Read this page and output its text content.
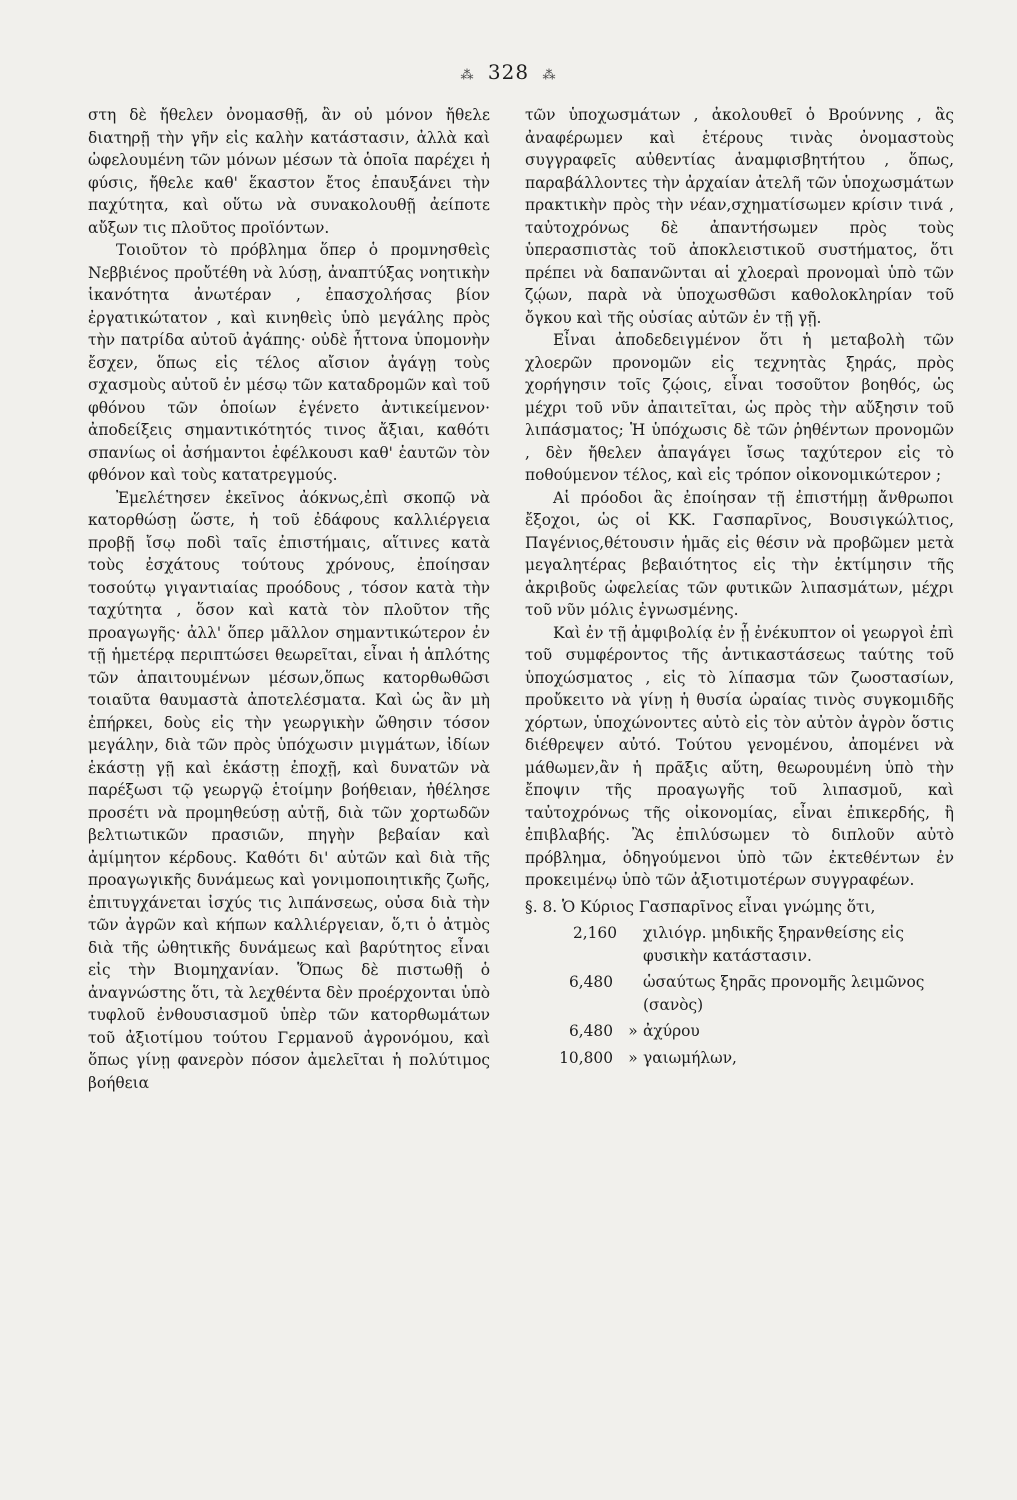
⁂ 328 ⁂

στη δὲ ἤθελεν ὀνομασθῇ, ἂν οὐ μόνον ἤθελε διατηρῇ τὴν γῆν εἰς καλὴν κατάστασιν, ἀλλὰ καὶ ὠφελουμένη τῶν μόνων μέσων τὰ ὁποῖα παρέχει ἡ φύσις, ἤθελε καθ' ἕκαστον ἔτος ἐπαυξάνει τὴν παχύτητα, καὶ οὕτω νὰ συνακολουθῇ ἀείποτε αὔξων τις πλοῦτος προϊόντων.

Τοιοῦτον τὸ πρόβλημα ὅπερ ὁ προμνησθεὶς Νεββιένος προὔτέθη νὰ λύσῃ, ἀναπτύξας νοητικὴν ἱκανότητα ἀνωτέραν , ἐπασχολήσας βίον ἐργατικώτατον , καὶ κινηθεὶς ὑπὸ μεγάλης πρὸς τὴν πατρίδα αὐτοῦ ἀγάπης· οὐδὲ ἧττονα ὑπομονὴν ἔσχεν, ὅπως εἰς τέλος αἴσιον ἀγάγῃ τοὺς σχασμοὺς αὐτοῦ ἐν μέσῳ τῶν καταδρομῶν καὶ τοῦ φθόνου τῶν ὁποίων ἐγένετο ἀντικείμενον· ἀποδείξεις σημαντικότητός τινος ἄξιαι, καθότι σπανίως οἱ ἀσήμαντοι ἐφέλκουσι καθ' ἑαυτῶν τὸν φθόνον καὶ τοὺς κατατρεγμούς.

Ἐμελέτησεν ἐκεῖνος ἀόκνως,ἐπὶ σκοπῷ νὰ κατορθώσῃ ὥστε, ἡ τοῦ ἐδάφους καλλιέργεια προβῇ ἴσῳ ποδὶ ταῖς ἐπιστήμαις, αἵτινες κατὰ τοὺς ἐσχάτους τούτους χρόνους, ἐποίησαν τοσούτῳ γιγαντιαίας προόδους , τόσον κατὰ τὴν ταχύτητα , ὅσον καὶ κατὰ τὸν πλοῦτον τῆς προαγωγῆς· ἀλλ' ὅπερ μᾶλλον σημαντικώτερον ἐν τῇ ἡμετέρᾳ περιπτώσει θεωρεῖται, εἶναι ἡ ἁπλότης τῶν ἀπαιτουμένων μέσων,ὅπως κατορθωθῶσι τοιαῦτα θαυμαστὰ ἀποτελέσματα. Καὶ ὡς ἂν μὴ ἐπήρκει, δοὺς εἰς τὴν γεωργικὴν ὤθησιν τόσον μεγάλην, διὰ τῶν πρὸς ὑπόχωσιν μιγμάτων, ἰδίων ἑκάστῃ γῇ καὶ ἑκάστῃ ἐποχῇ, καὶ δυνατῶν νὰ παρέξωσι τῷ γεωργῷ ἑτοίμην βοήθειαν, ἠθέλησε προσέτι νὰ προμηθεύσῃ αὐτῇ, διὰ τῶν χορτωδῶν βελτιωτικῶν πρασιῶν, πηγὴν βεβαίαν καὶ ἀμίμητον κέρδους. Καθότι δι' αὐτῶν καὶ διὰ τῆς προαγωγικῆς δυνάμεως καὶ γονιμοποιητικῆς ζωῆς, ἐπιτυγχάνεται ἰσχύς τις λιπάνσεως, οὐσα διὰ τὴν τῶν ἀγρῶν καὶ κήπων καλλιέργειαν, ὅ,τι ὁ ἀτμὸς διὰ τῆς ὠθητικῆς δυνάμεως καὶ βαρύτητος εἶναι εἰς τὴν Βιομηχανίαν. Ὅπως δὲ πιστωθῇ ὁ ἀναγνώστης ὅτι, τὰ λεχθέντα δὲν προέρχονται ὑπὸ τυφλοῦ ἐνθουσιασμοῦ ὑπὲρ τῶν κατορθωμάτων τοῦ ἀξιοτίμου τούτου Γερμανοῦ ἀγρονόμου, καὶ ὅπως γίνῃ φανερὸν πόσον ἀμελεῖται ἡ πολύτιμος βοήθεια

τῶν ὑποχωσμάτων , ἀκολουθεῖ ὁ Βρούννης , ἃς ἀναφέρωμεν καὶ ἑτέρους τινὰς ὀνομαστοὺς συγγραφεῖς αὐθεντίας ἀναμφισβητήτου , ὅπως, παραβάλλοντες τὴν ἀρχαίαν ἀτελῆ τῶν ὑποχωσμάτων πρακτικὴν πρὸς τὴν νέαν,σχηματίσωμεν κρίσιν τινά , ταὐτοχρόνως δὲ ἀπαντήσωμεν πρὸς τοὺς ὑπερασπιστὰς τοῦ ἀποκλειστικοῦ συστήματος, ὅτι πρέπει νὰ δαπανῶνται αἱ χλοεραὶ προνομαὶ ὑπὸ τῶν ζῴων, παρὰ νὰ ὑποχωσθῶσι καθολοκληρίαν τοῦ ὄγκου καὶ τῆς οὐσίας αὐτῶν ἐν τῇ γῇ.

Εἶναι ἀποδεδειγμένον ὅτι ἡ μεταβολὴ τῶν χλοερῶν προνομῶν εἰς τεχνητὰς ξηράς, πρὸς χορήγησιν τοῖς ζῴοις, εἶναι τοσοῦτον βοηθός, ὡς μέχρι τοῦ νῦν ἀπαιτεῖται, ὡς πρὸς τὴν αὔξησιν τοῦ λιπάσματος; Ἡ ὑπόχωσις δὲ τῶν ῥηθέντων προνομῶν , δὲν ἤθελεν ἀπαγάγει ἴσως ταχύτερον εἰς τὸ ποθούμενον τέλος, καὶ εἰς τρόπον οἰκονομικώτερον ;

Αἱ πρόοδοι ἃς ἐποίησαν τῇ ἐπιστήμῃ ἄνθρωποι ἔξοχοι, ὡς οἱ ΚΚ. Γασπαρῖνος, Βουσιγκώλτιος, Παγένιος,θέτουσιν ἡμᾶς εἰς θέσιν νὰ προβῶμεν μετὰ μεγαλητέρας βεβαιότητος εἰς τὴν ἐκτίμησιν τῆς ἀκριβοῦς ὠφελείας τῶν φυτικῶν λιπασμάτων, μέχρι τοῦ νῦν μόλις ἐγνωσμένης.

Καὶ ἐν τῇ ἀμφιβολίᾳ ἐν ᾗ ἐνέκυπτον οἱ γεωργοὶ ἐπὶ τοῦ συμφέροντος τῆς ἀντικαστάσεως ταύτης τοῦ ὑποχώσματος , εἰς τὸ λίπασμα τῶν ζωοστασίων, προὔκειτο νὰ γίνῃ ἡ θυσία ὡραίας τινὸς συγκομιδῆς χόρτων, ὑποχώνοντες αὐτὸ εἰς τὸν αὐτὸν ἀγρὸν ὅστις διέθρεψεν αὐτό. Τούτου γενομένου, ἀπομένει νὰ μάθωμεν,ἂν ἡ πρᾶξις αὕτη, θεωρουμένη ὑπὸ τὴν ἔποψιν τῆς προαγωγῆς τοῦ λιπασμοῦ, καὶ ταὐτοχρόνως τῆς οἰκονομίας, εἶναι ἐπικερδής, ἢ ἐπιβλαβής. Ἂς ἐπιλύσωμεν τὸ διπλοῦν αὐτὸ πρόβλημα, ὁδηγούμενοι ὑπὸ τῶν ἐκτεθέντων ἐν προκειμένῳ ὑπὸ τῶν ἀξιοτιμοτέρων συγγραφέων.

§. 8. Ὁ Κύριος Γασπαρῖνος εἶναι γνώμης ὅτι,

2,160		χιλιόγρ. μηδικῆς ξηρανθείσης εἰς φυσικὴν κατάστασιν.
6,480		ὡσαύτως ξηρᾶς προνομῆς λειμῶνος (σανὸς)
6,480	»	ἀχύρου
10,800	»	γαιωμήλων,
